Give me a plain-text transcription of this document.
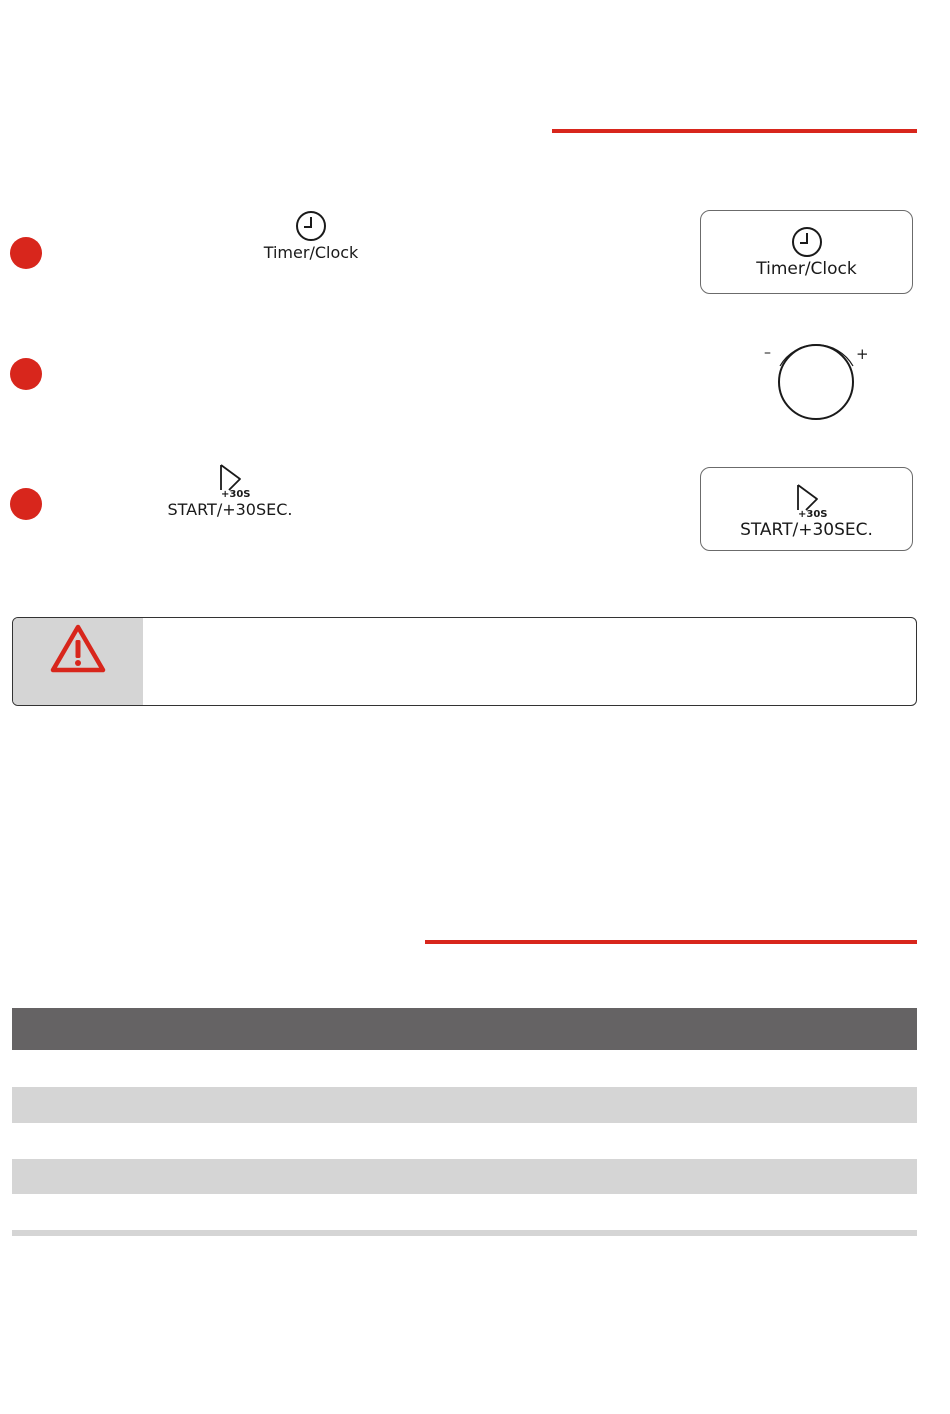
Timer/Clock
Timer/Clock
–	+
+30S
START/+30SEC.	+30S
START/+30SEC.
